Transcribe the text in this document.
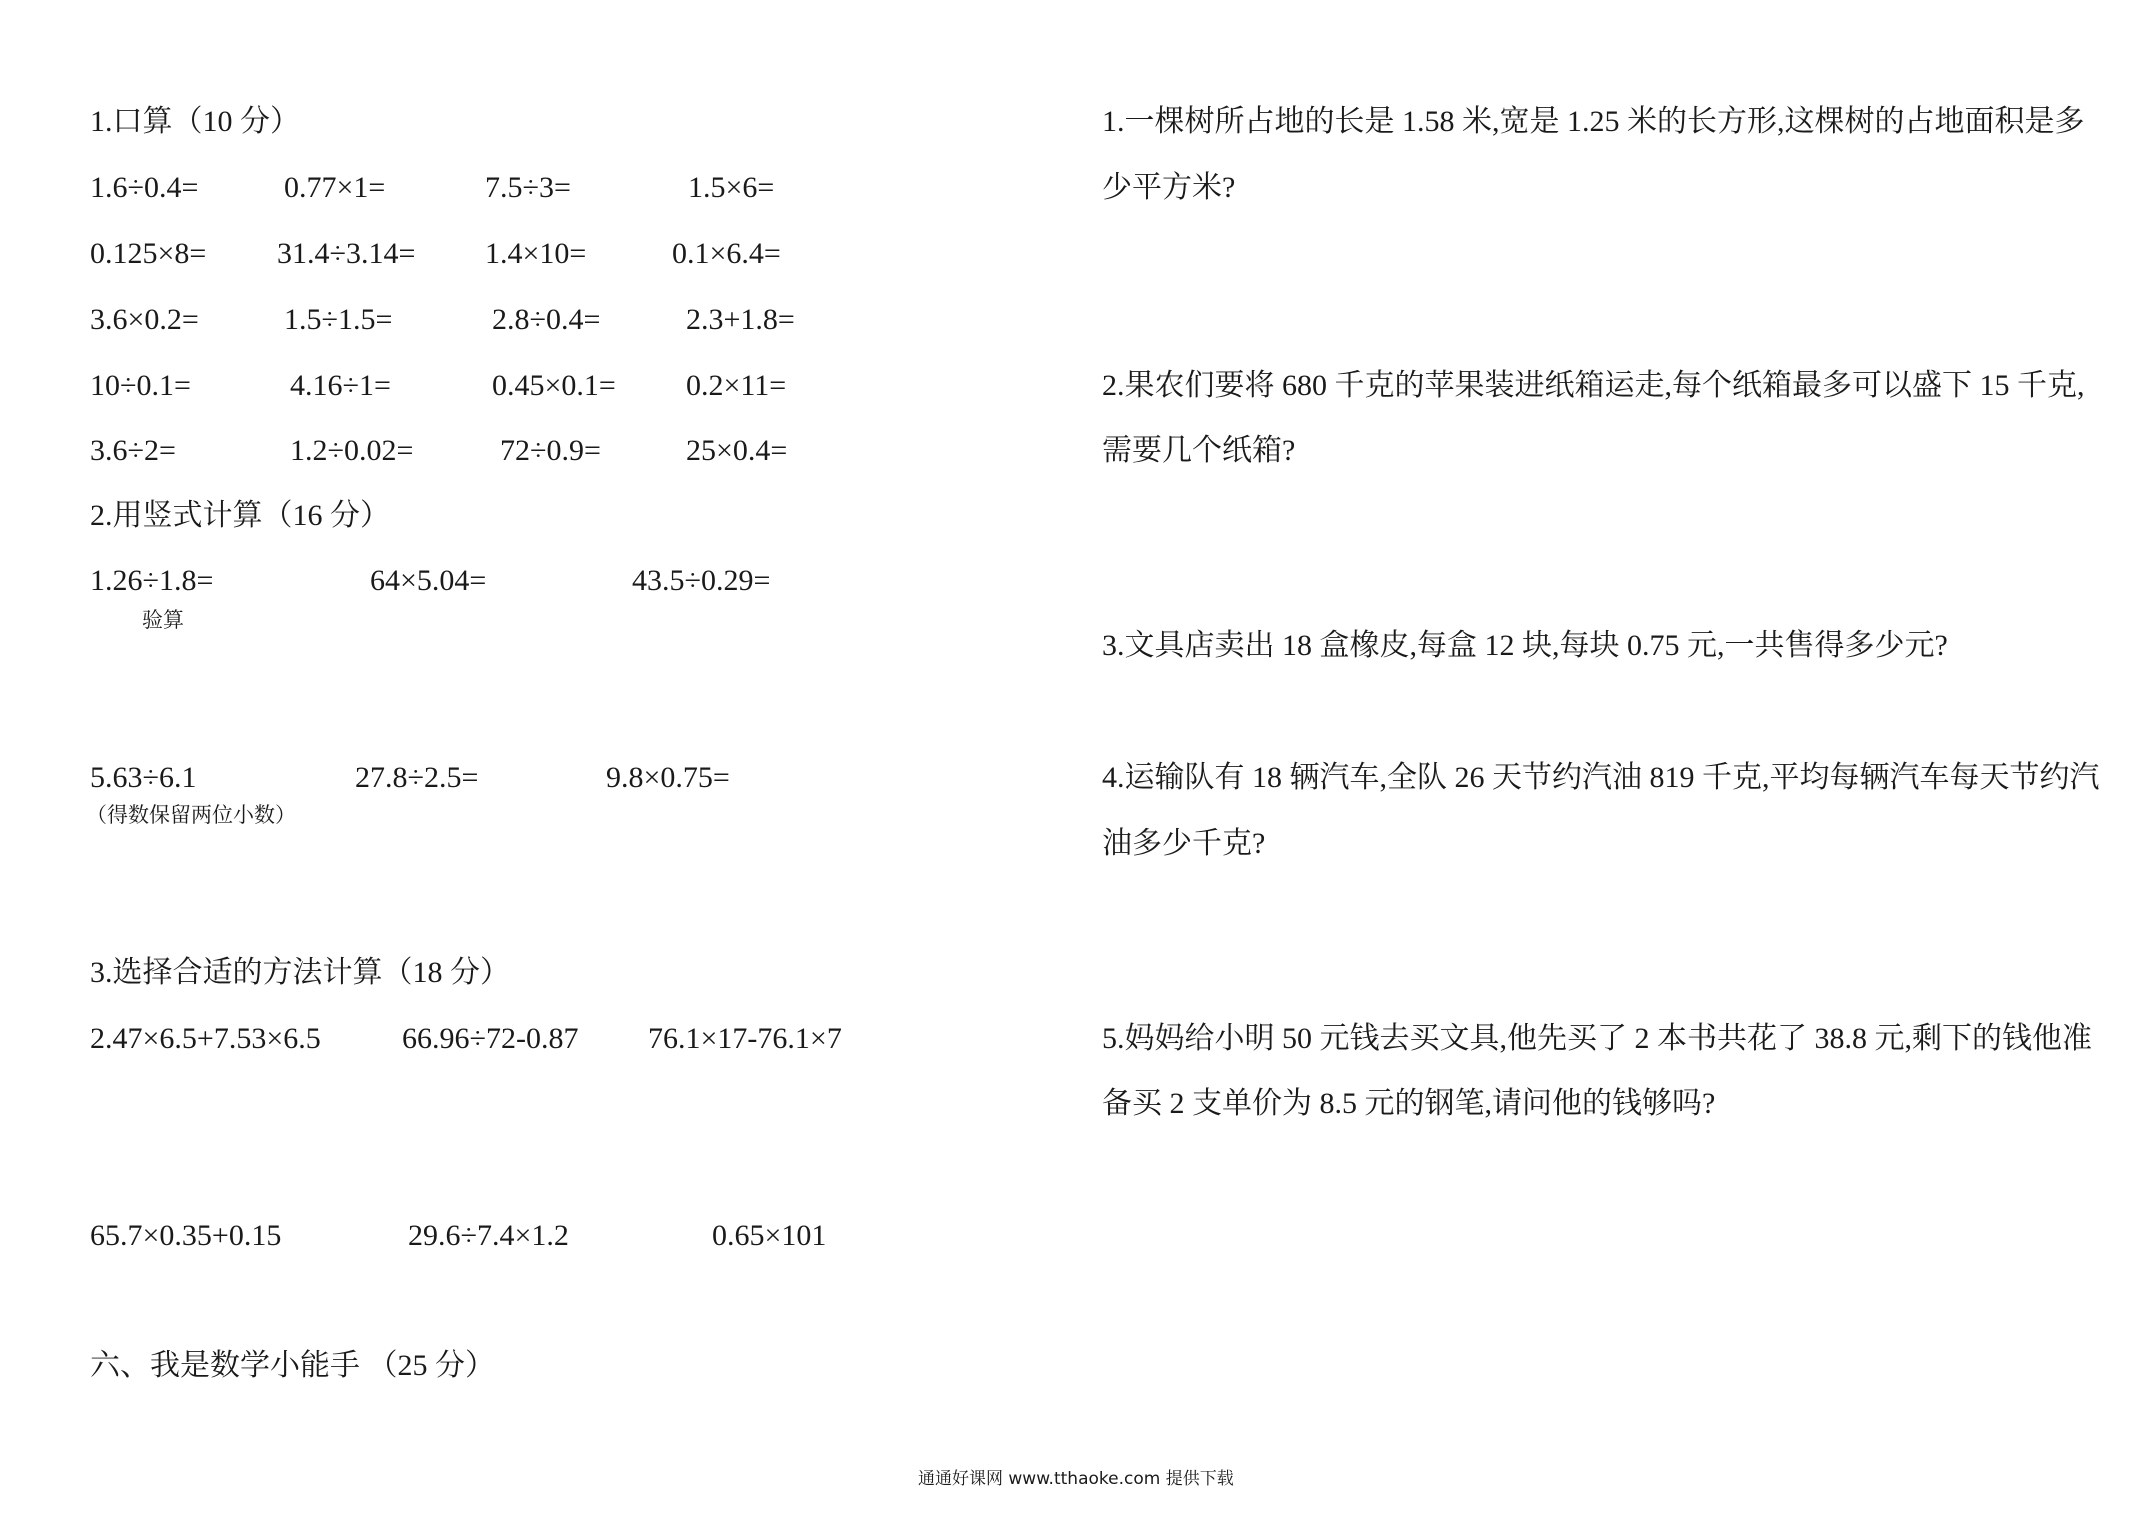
1.口算（10 分）
1.6÷0.4=	0.77×1=	7.5÷3=	1.5×6=
0.125×8= 31.4÷3.14= 1.4×10=	0.1×6.4=
3.6×0.2=	1.5÷1.5=	2.8÷0.4=	2.3+1.8=
10÷0.1=	4.16÷1=	0.45×0.1= 0.2×11=
3.6÷2=	1.2÷0.02=	72÷0.9=	25×0.4=
2.用竖式计算（16 分）
1.26÷1.8=	64×5.04=	43.5÷0.29=
验算
5.63÷6.1	27.8÷2.5=	9.8×0.75=
（得数保留两位小数）
3.选择合适的方法计算（18 分）
2.47×6.5+7.53×6.5	66.96÷72-0.87 76.1×17-76.1×7
65.7×0.35+0.15	29.6÷7.4×1.2	0.65×101
六、我是数学小能手 （25 分）
1.一棵树所占地的长是 1.58 米,宽是 1.25 米的长方形,这棵树的占地面积是多
少平方米?
2.果农们要将 680 千克的苹果装进纸箱运走,每个纸箱最多可以盛下 15 千克,
需要几个纸箱?
3.文具店卖出 18 盒橡皮,每盒 12 块,每块 0.75 元,一共售得多少元?
4.运输队有 18 辆汽车,全队 26 天节约汽油 819 千克,平均每辆汽车每天节约汽
油多少千克?
5.妈妈给小明 50 元钱去买文具,他先买了 2 本书共花了 38.8 元,剩下的钱他准
备买 2 支单价为 8.5 元的钢笔,请问他的钱够吗?
通通好课网 www.tthaoke.com 提供下载
